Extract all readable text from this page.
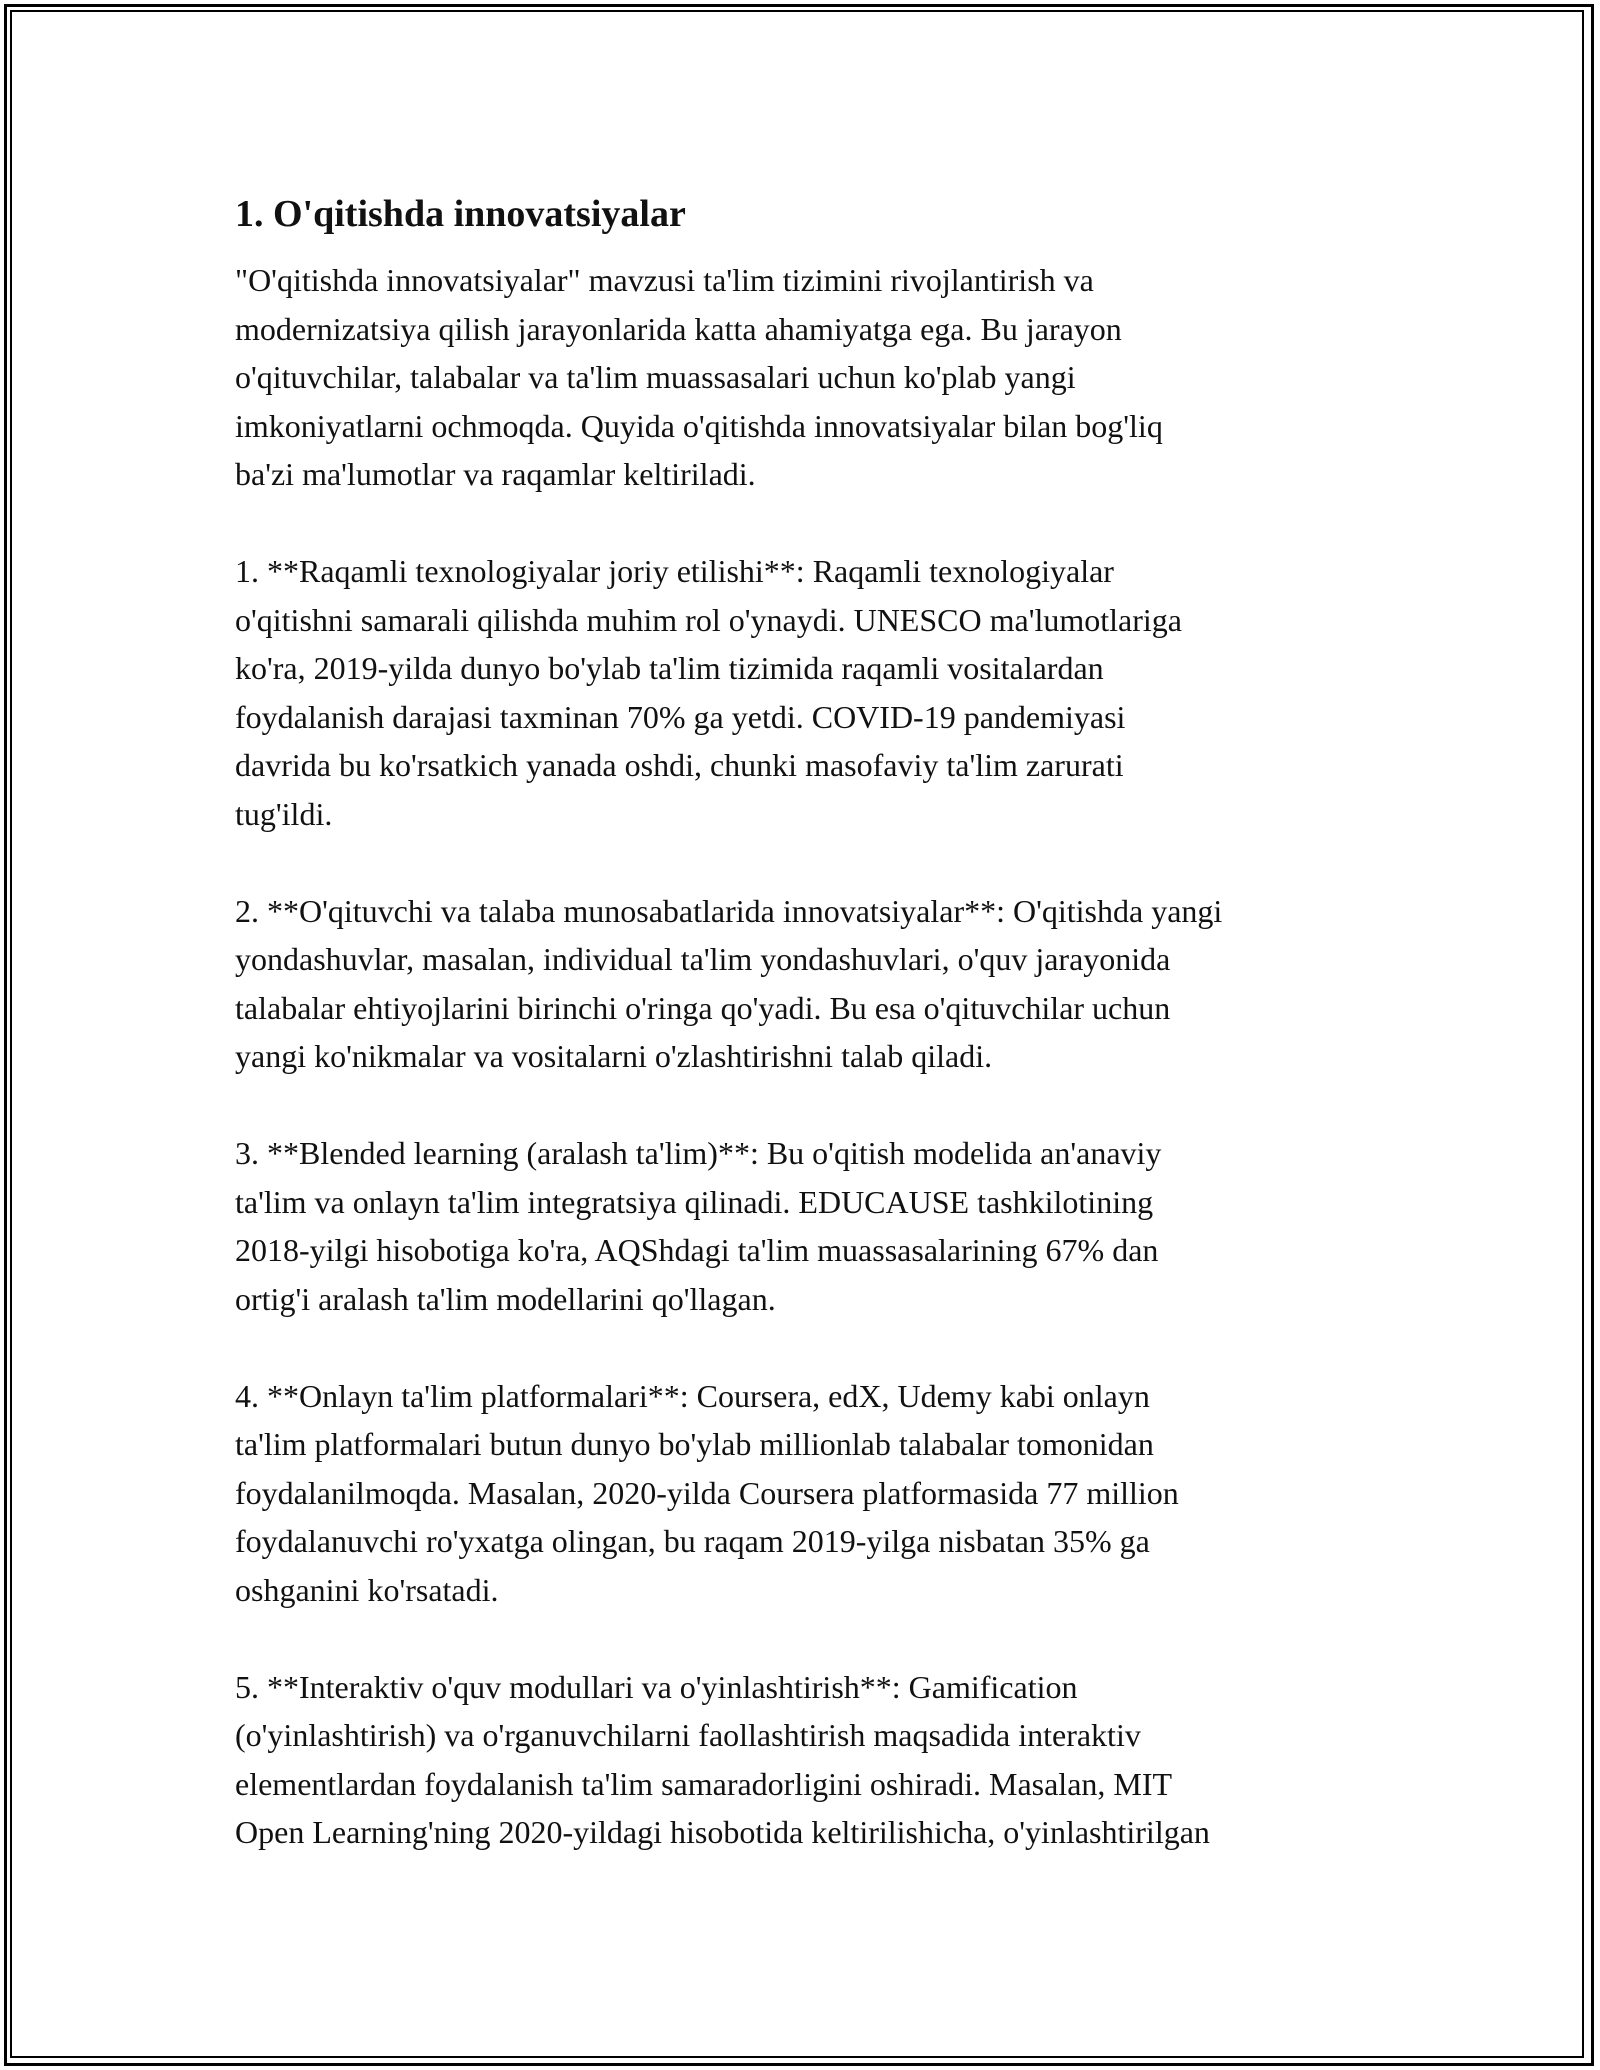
1. O'qitishda innovatsiyalar

"O'qitishda innovatsiyalar" mavzusi ta'lim tizimini rivojlantirish va
modernizatsiya qilish jarayonlarida katta ahamiyatga ega. Bu jarayon
o'qituvchilar, talabalar va ta'lim muassasalari uchun ko'plab yangi
imkoniyatlarni ochmoqda. Quyida o'qitishda innovatsiyalar bilan bog'liq
ba'zi ma'lumotlar va raqamlar keltiriladi.

1. **Raqamli texnologiyalar joriy etilishi**: Raqamli texnologiyalar
o'qitishni samarali qilishda muhim rol o'ynaydi. UNESCO ma'lumotlariga
ko'ra, 2019-yilda dunyo bo'ylab ta'lim tizimida raqamli vositalardan
foydalanish darajasi taxminan 70% ga yetdi. COVID-19 pandemiyasi
davrida bu ko'rsatkich yanada oshdi, chunki masofaviy ta'lim zarurati
tug'ildi.

2. **O'qituvchi va talaba munosabatlarida innovatsiyalar**: O'qitishda yangi
yondashuvlar, masalan, individual ta'lim yondashuvlari, o'quv jarayonida
talabalar ehtiyojlarini birinchi o'ringa qo'yadi. Bu esa o'qituvchilar uchun
yangi ko'nikmalar va vositalarni o'zlashtirishni talab qiladi.

3. **Blended learning (aralash ta'lim)**: Bu o'qitish modelida an'anaviy
ta'lim va onlayn ta'lim integratsiya qilinadi. EDUCAUSE tashkilotining
2018-yilgi hisobotiga ko'ra, AQShdagi ta'lim muassasalarining 67% dan
ortig'i aralash ta'lim modellarini qo'llagan.

4. **Onlayn ta'lim platformalari**: Coursera, edX, Udemy kabi onlayn
ta'lim platformalari butun dunyo bo'ylab millionlab talabalar tomonidan
foydalanilmoqda. Masalan, 2020-yilda Coursera platformasida 77 million
foydalanuvchi ro'yxatga olingan, bu raqam 2019-yilga nisbatan 35% ga
oshganini ko'rsatadi.

5. **Interaktiv o'quv modullari va o'yinlashtirish**: Gamification
(o'yinlashtirish) va o'rganuvchilarni faollashtirish maqsadida interaktiv
elementlardan foydalanish ta'lim samaradorligini oshiradi. Masalan, MIT
Open Learning'ning 2020-yildagi hisobotida keltirilishicha, o'yinlashtirilgan
